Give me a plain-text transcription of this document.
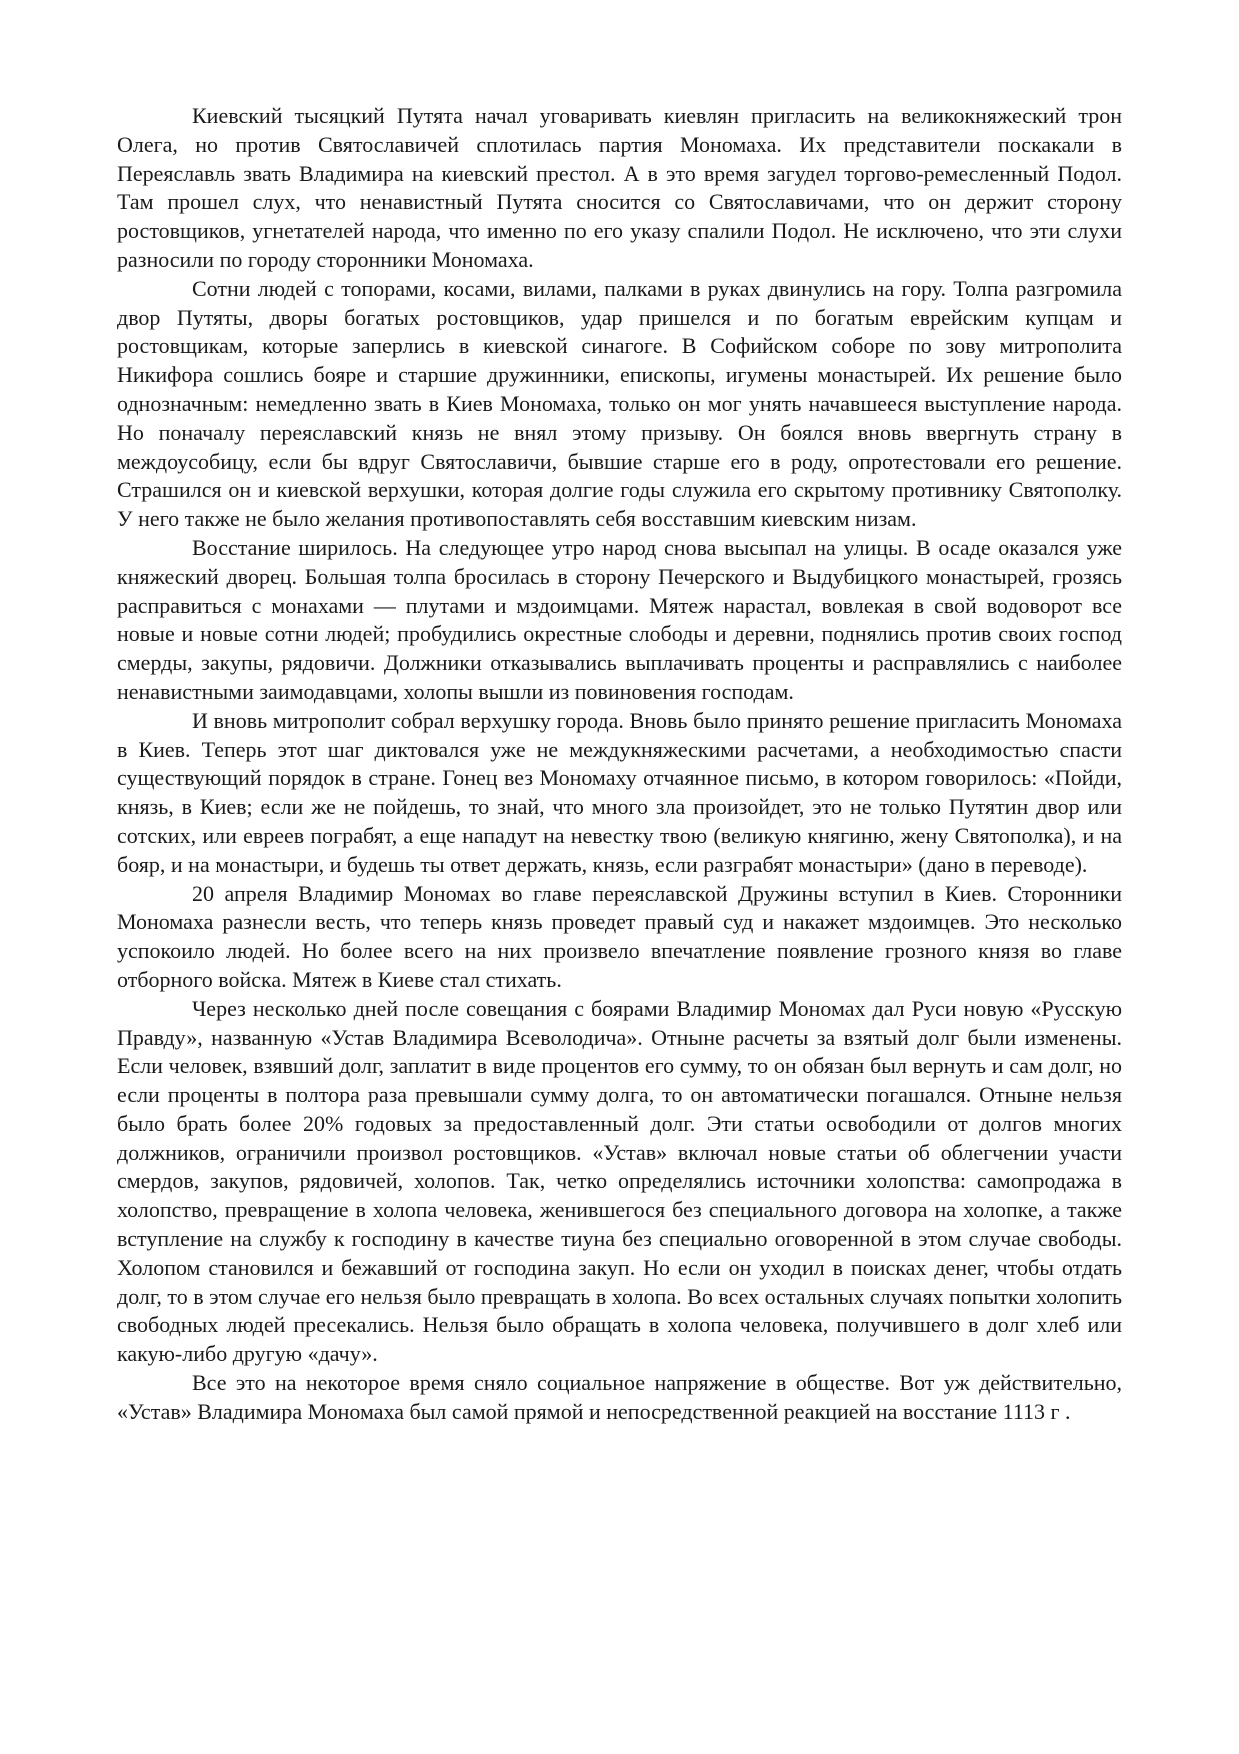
Киевский тысяцкий Путята начал уговаривать киевлян пригласить на великокняжеский трон Олега, но против Святославичей сплотилась партия Мономаха. Их представители поскакали в Переяславль звать Владимира на киевский престол. А в это время загудел торгово-ремесленный Подол. Там прошел слух, что ненавистный Путята сносится со Святославичами, что он держит сторону ростовщиков, угнетателей народа, что именно по его указу спалили Подол. Не исключено, что эти слухи разносили по городу сторонники Мономаха.

Сотни людей с топорами, косами, вилами, палками в руках двинулись на гору. Толпа разгромила двор Путяты, дворы богатых ростовщиков, удар пришелся и по богатым еврейским купцам и ростовщикам, которые заперлись в киевской синагоге. В Софийском соборе по зову митрополита Никифора сошлись бояре и старшие дружинники, епископы, игумены монастырей. Их решение было однозначным: немедленно звать в Киев Мономаха, только он мог унять начавшееся выступление народа. Но поначалу переяславский князь не внял этому призыву. Он боялся вновь ввергнуть страну в междоусобицу, если бы вдруг Святославичи, бывшие старше его в роду, опротестовали его решение. Страшился он и киевской верхушки, которая долгие годы служила его скрытому противнику Святополку. У него также не было желания противопоставлять себя восставшим киевским низам.

Восстание ширилось. На следующее утро народ снова высыпал на улицы. В осаде оказался уже княжеский дворец. Большая толпа бросилась в сторону Печерского и Выдубицкого монастырей, грозясь расправиться с монахами — плутами и мздоимцами. Мятеж нарастал, вовлекая в свой водоворот все новые и новые сотни людей; пробудились окрестные слободы и деревни, поднялись против своих господ смерды, закупы, рядовичи. Должники отказывались выплачивать проценты и расправлялись с наиболее ненавистными заимодавцами, холопы вышли из повиновения господам.

И вновь митрополит собрал верхушку города. Вновь было принято решение пригласить Мономаха в Киев. Теперь этот шаг диктовался уже не междукняжескими расчетами, а необходимостью спасти существующий порядок в стране. Гонец вез Мономаху отчаянное письмо, в котором говорилось: «Пойди, князь, в Киев; если же не пойдешь, то знай, что много зла произойдет, это не только Путятин двор или сотских, или евреев пограбят, а еще нападут на невестку твою (великую княгиню, жену Святополка), и на бояр, и на монастыри, и будешь ты ответ держать, князь, если разграбят монастыри» (дано в переводе).

20 апреля Владимир Мономах во главе переяславской Дружины вступил в Киев. Сторонники Мономаха разнесли весть, что теперь князь проведет правый суд и накажет мздоимцев. Это несколько успокоило людей. Но более всего на них произвело впечатление появление грозного князя во главе отборного войска. Мятеж в Киеве стал стихать.

Через несколько дней после совещания с боярами Владимир Мономах дал Руси новую «Русскую Правду», названную «Устав Владимира Всеволодича». Отныне расчеты за взятый долг были изменены. Если человек, взявший долг, заплатит в виде процентов его сумму, то он обязан был вернуть и сам долг, но если проценты в полтора раза превышали сумму долга, то он автоматически погашался. Отныне нельзя было брать более 20% годовых за предоставленный долг. Эти статьи освободили от долгов многих должников, ограничили произвол ростовщиков. «Устав» включал новые статьи об облегчении участи смердов, закупов, рядовичей, холопов. Так, четко определялись источники холопства: самопродажа в холопство, превращение в холопа человека, женившегося без специального договора на холопке, а также вступление на службу к господину в качестве тиуна без специально оговоренной в этом случае свободы. Холопом становился и бежавший от господина закуп. Но если он уходил в поисках денег, чтобы отдать долг, то в этом случае его нельзя было превращать в холопа. Во всех остальных случаях попытки холопить свободных людей пресекались. Нельзя было обращать в холопа человека, получившего в долг хлеб или какую-либо другую «дачу».

Все это на некоторое время сняло социальное напряжение в обществе. Вот уж действительно, «Устав» Владимира Мономаха был самой прямой и непосредственной реакцией на восстание 1113 г .
